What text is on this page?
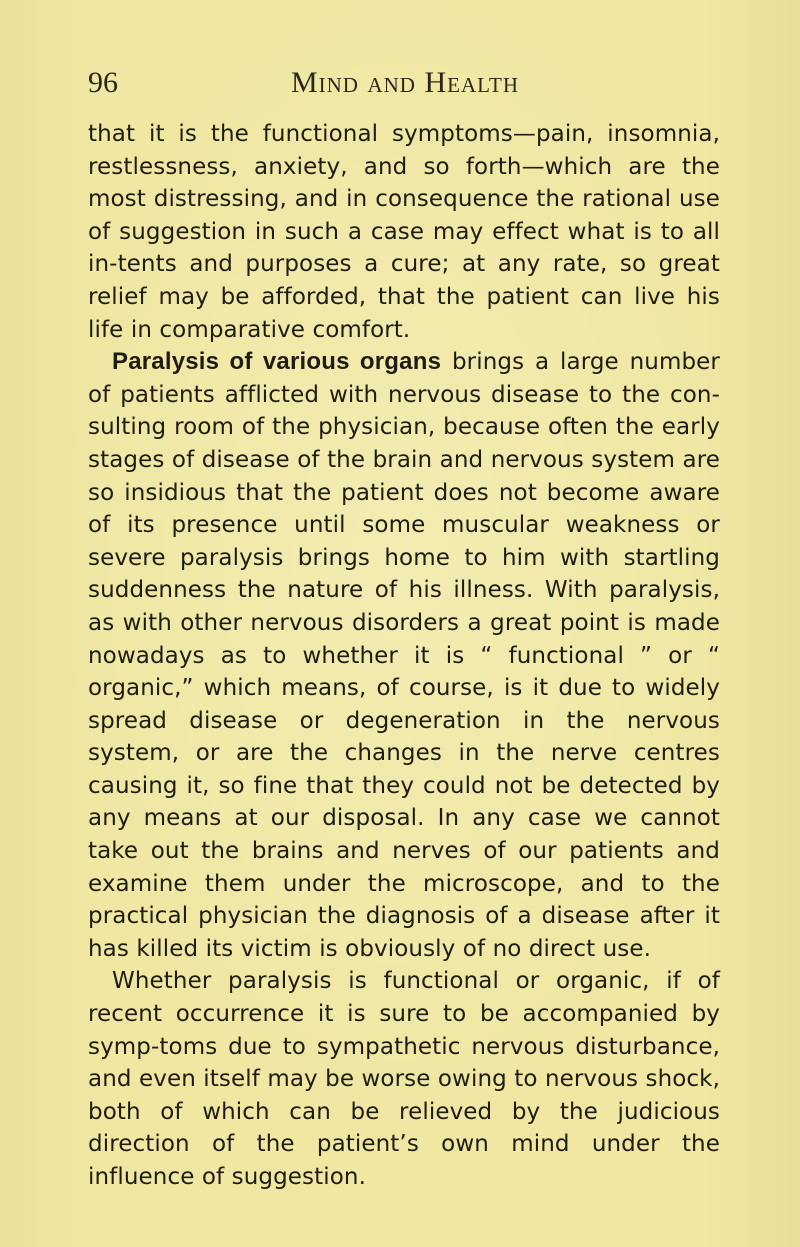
96	Mind and Health

that it is the functional symptoms—pain, insomnia, restlessness, anxiety, and so forth—which are the most distressing, and in consequence the rational use of suggestion in such a case may effect what is to all in-tents and purposes a cure; at any rate, so great relief may be afforded, that the patient can live his life in comparative comfort.

Paralysis of various organs brings a large number of patients afflicted with nervous disease to the con-sulting room of the physician, because often the early stages of disease of the brain and nervous system are so insidious that the patient does not become aware of its presence until some muscular weakness or severe paralysis brings home to him with startling suddenness the nature of his illness. With paralysis, as with other nervous disorders a great point is made nowadays as to whether it is “ functional ” or “ organic,” which means, of course, is it due to widely spread disease or degeneration in the nervous system, or are the changes in the nerve centres causing it, so fine that they could not be detected by any means at our disposal. In any case we cannot take out the brains and nerves of our patients and examine them under the microscope, and to the practical physician the diagnosis of a disease after it has killed its victim is obviously of no direct use.

Whether paralysis is functional or organic, if of recent occurrence it is sure to be accompanied by symp-toms due to sympathetic nervous disturbance, and even itself may be worse owing to nervous shock, both of which can be relieved by the judicious direction of the patient’s own mind under the influence of suggestion.
